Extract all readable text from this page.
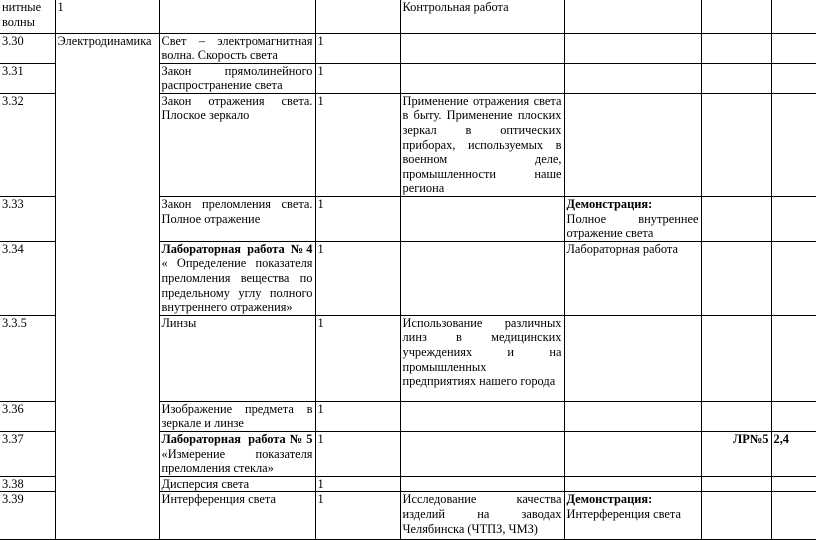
нитные волны	1			Контрольная работа			
3.30	Электродинамика	Свет – электромагнитная волна. Скорость света	1				
3.31		Закон прямолинейного распространение света	1				
3.32		Закон отражения света. Плоское зеркало	1	Применение отражения света в быту. Применение плоских зеркал в оптических приборах, используемых в военном деле, промышленности наше региона			
3.33		Закон преломления света. Полное отражение	1		Демонстрация:
Полное внутреннее отражение света		

3.34		Лабораторная работа №4 « Определение показателя преломления вещества по предельному углу полного внутреннего отражения»	1		Лабораторная работа		
3.3.5		Линзы	1	Использование различных линз в медицинских учреждениях и на промышленных предприятиях нашего города			
3.36		Изображение предмета в зеркале и линзе	1				
3.37		Лабораторная работа№5 «Измерение показателя преломления стекла»	1			ЛР№5	2,4
3.38		Дисперсия света	1				
3.39		Интерференция света	1	Исследование качества изделий на заводах Челябинска (ЧТПЗ, ЧМЗ)	Демонстрация:
Интерференция света		
